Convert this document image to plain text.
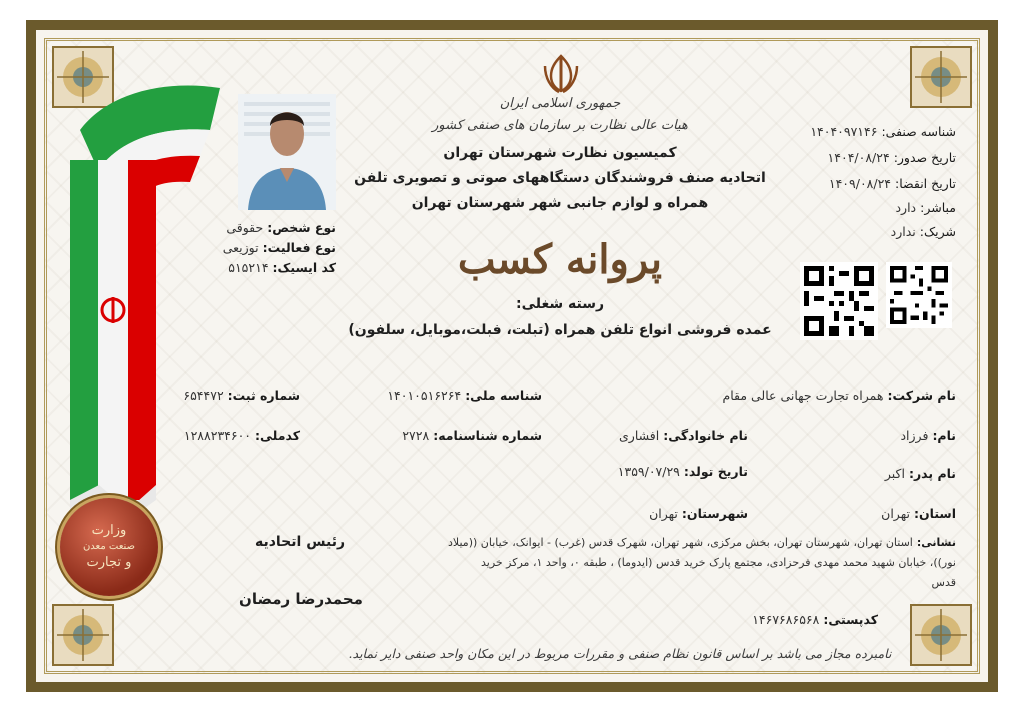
وزارت
صنعت معدن
و تجارت
جمهوری اسلامی ایران
هیات عالی نظارت بر سازمان های صنفی کشور
کمیسیون نظارت شهرستان تهران
اتحادیه صنف فروشندگان دستگاههای صوتی و تصویری تلفن
همراه و لوازم جانبی شهر شهرستان تهران
پروانه کسب
رسته شغلی:
عمده فروشی انواع تلفن همراه (تبلت، فبلت،موبایل، سلفون)
نوع شخص:حقوقی
نوع فعالیت:توزیعی
کد ایسیک:۵۱۵۲۱۴
شناسه صنفی:۱۴۰۴۰۹۷۱۴۶
تاریخ صدور:۱۴۰۴/۰۸/۲۴
تاریخ انقضا:۱۴۰۹/۰۸/۲۴
مباشر:دارد
شریک:ندارد
نام شرکت:همراه تجارت جهانی عالی مقام
شناسه ملی:۱۴۰۱۰۵۱۶۲۶۴
شماره ثبت:۶۵۴۴۷۲
نام:فرزاد
نام خانوادگی:افشاری
شماره شناسنامه:۲۷۲۸
کدملی:۱۲۸۸۲۳۴۶۰۰
نام پدر:اکبر
تاریخ تولد:۱۳۵۹/۰۷/۲۹
استان:تهران
شهرستان:تهران
نشانی:استان تهران، شهرستان تهران، بخش مرکزی، شهر تهران، شهرک قدس (غرب) - ایوانک، خیابان ((میلاد
نور))، خیابان شهید محمد مهدی فرحزادی، مجتمع پارک خرید قدس (ایدوما) ، طبقه ۰، واحد ۱، مرکز خرید
قدس
کدپستی:۱۴۶۷۶۸۶۵۶۸
رئیس اتحادیه
محمدرضا رمضان
نامبرده مجاز می باشد بر اساس قانون نظام صنفی و مقررات مربوط در این مکان واحد صنفی دایر نماید.
